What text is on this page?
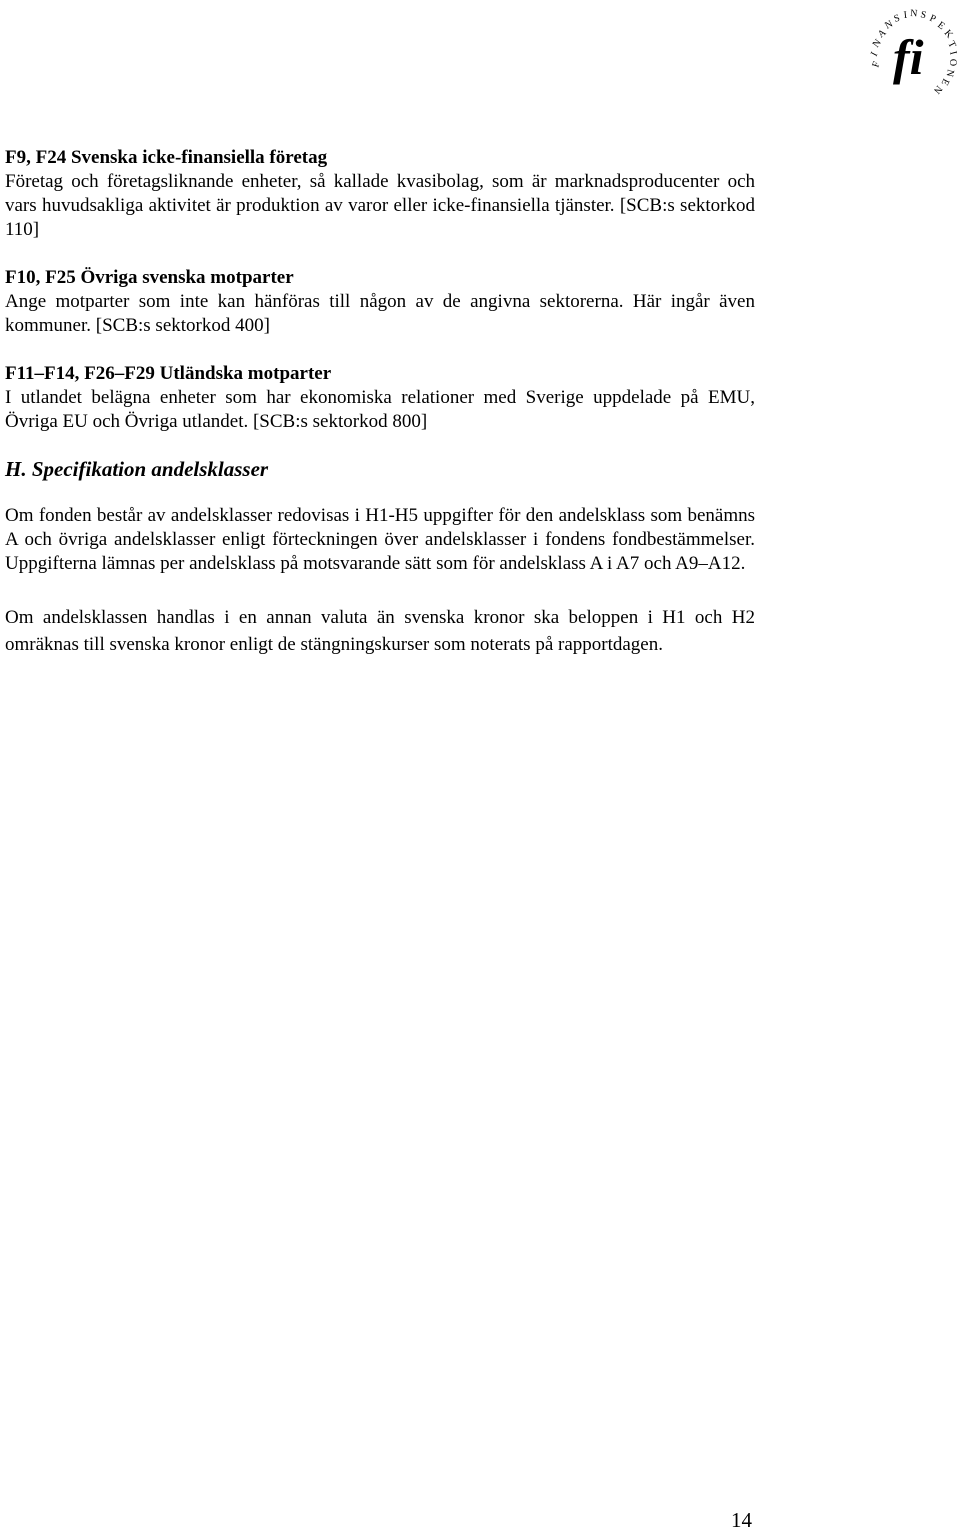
F
I
N
A
N
S I N S P
E
K
T
I
O
N
E
N
fi

F9, F24 Svenska icke-finansiella företag

Företag och företagsliknande enheter, så kallade kvasibolag, som är marknadsproducenter och vars huvudsakliga aktivitet är produktion av varor eller icke-finansiella tjänster. [SCB:s sektorkod 110]

F10, F25 Övriga svenska motparter

Ange motparter som inte kan hänföras till någon av de angivna sektorerna. Här ingår även kommuner. [SCB:s sektorkod 400]

F11–F14, F26–F29 Utländska motparter

I utlandet belägna enheter som har ekonomiska relationer med Sverige uppdelade på EMU, Övriga EU och Övriga utlandet. [SCB:s sektorkod 800]

H. Specifikation andelsklasser

Om fonden består av andelsklasser redovisas i H1-H5 uppgifter för den andelsklass som benämns A och övriga andelsklasser enligt förteckningen över andelsklasser i fondens fondbestämmelser. Uppgifterna lämnas per andelsklass på motsvarande sätt som för andelsklass A i A7 och A9–A12.

Om andelsklassen handlas i en annan valuta än svenska kronor ska beloppen i H1 och H2 omräknas till svenska kronor enligt de stängningskurser som noterats på rapportdagen.

14
